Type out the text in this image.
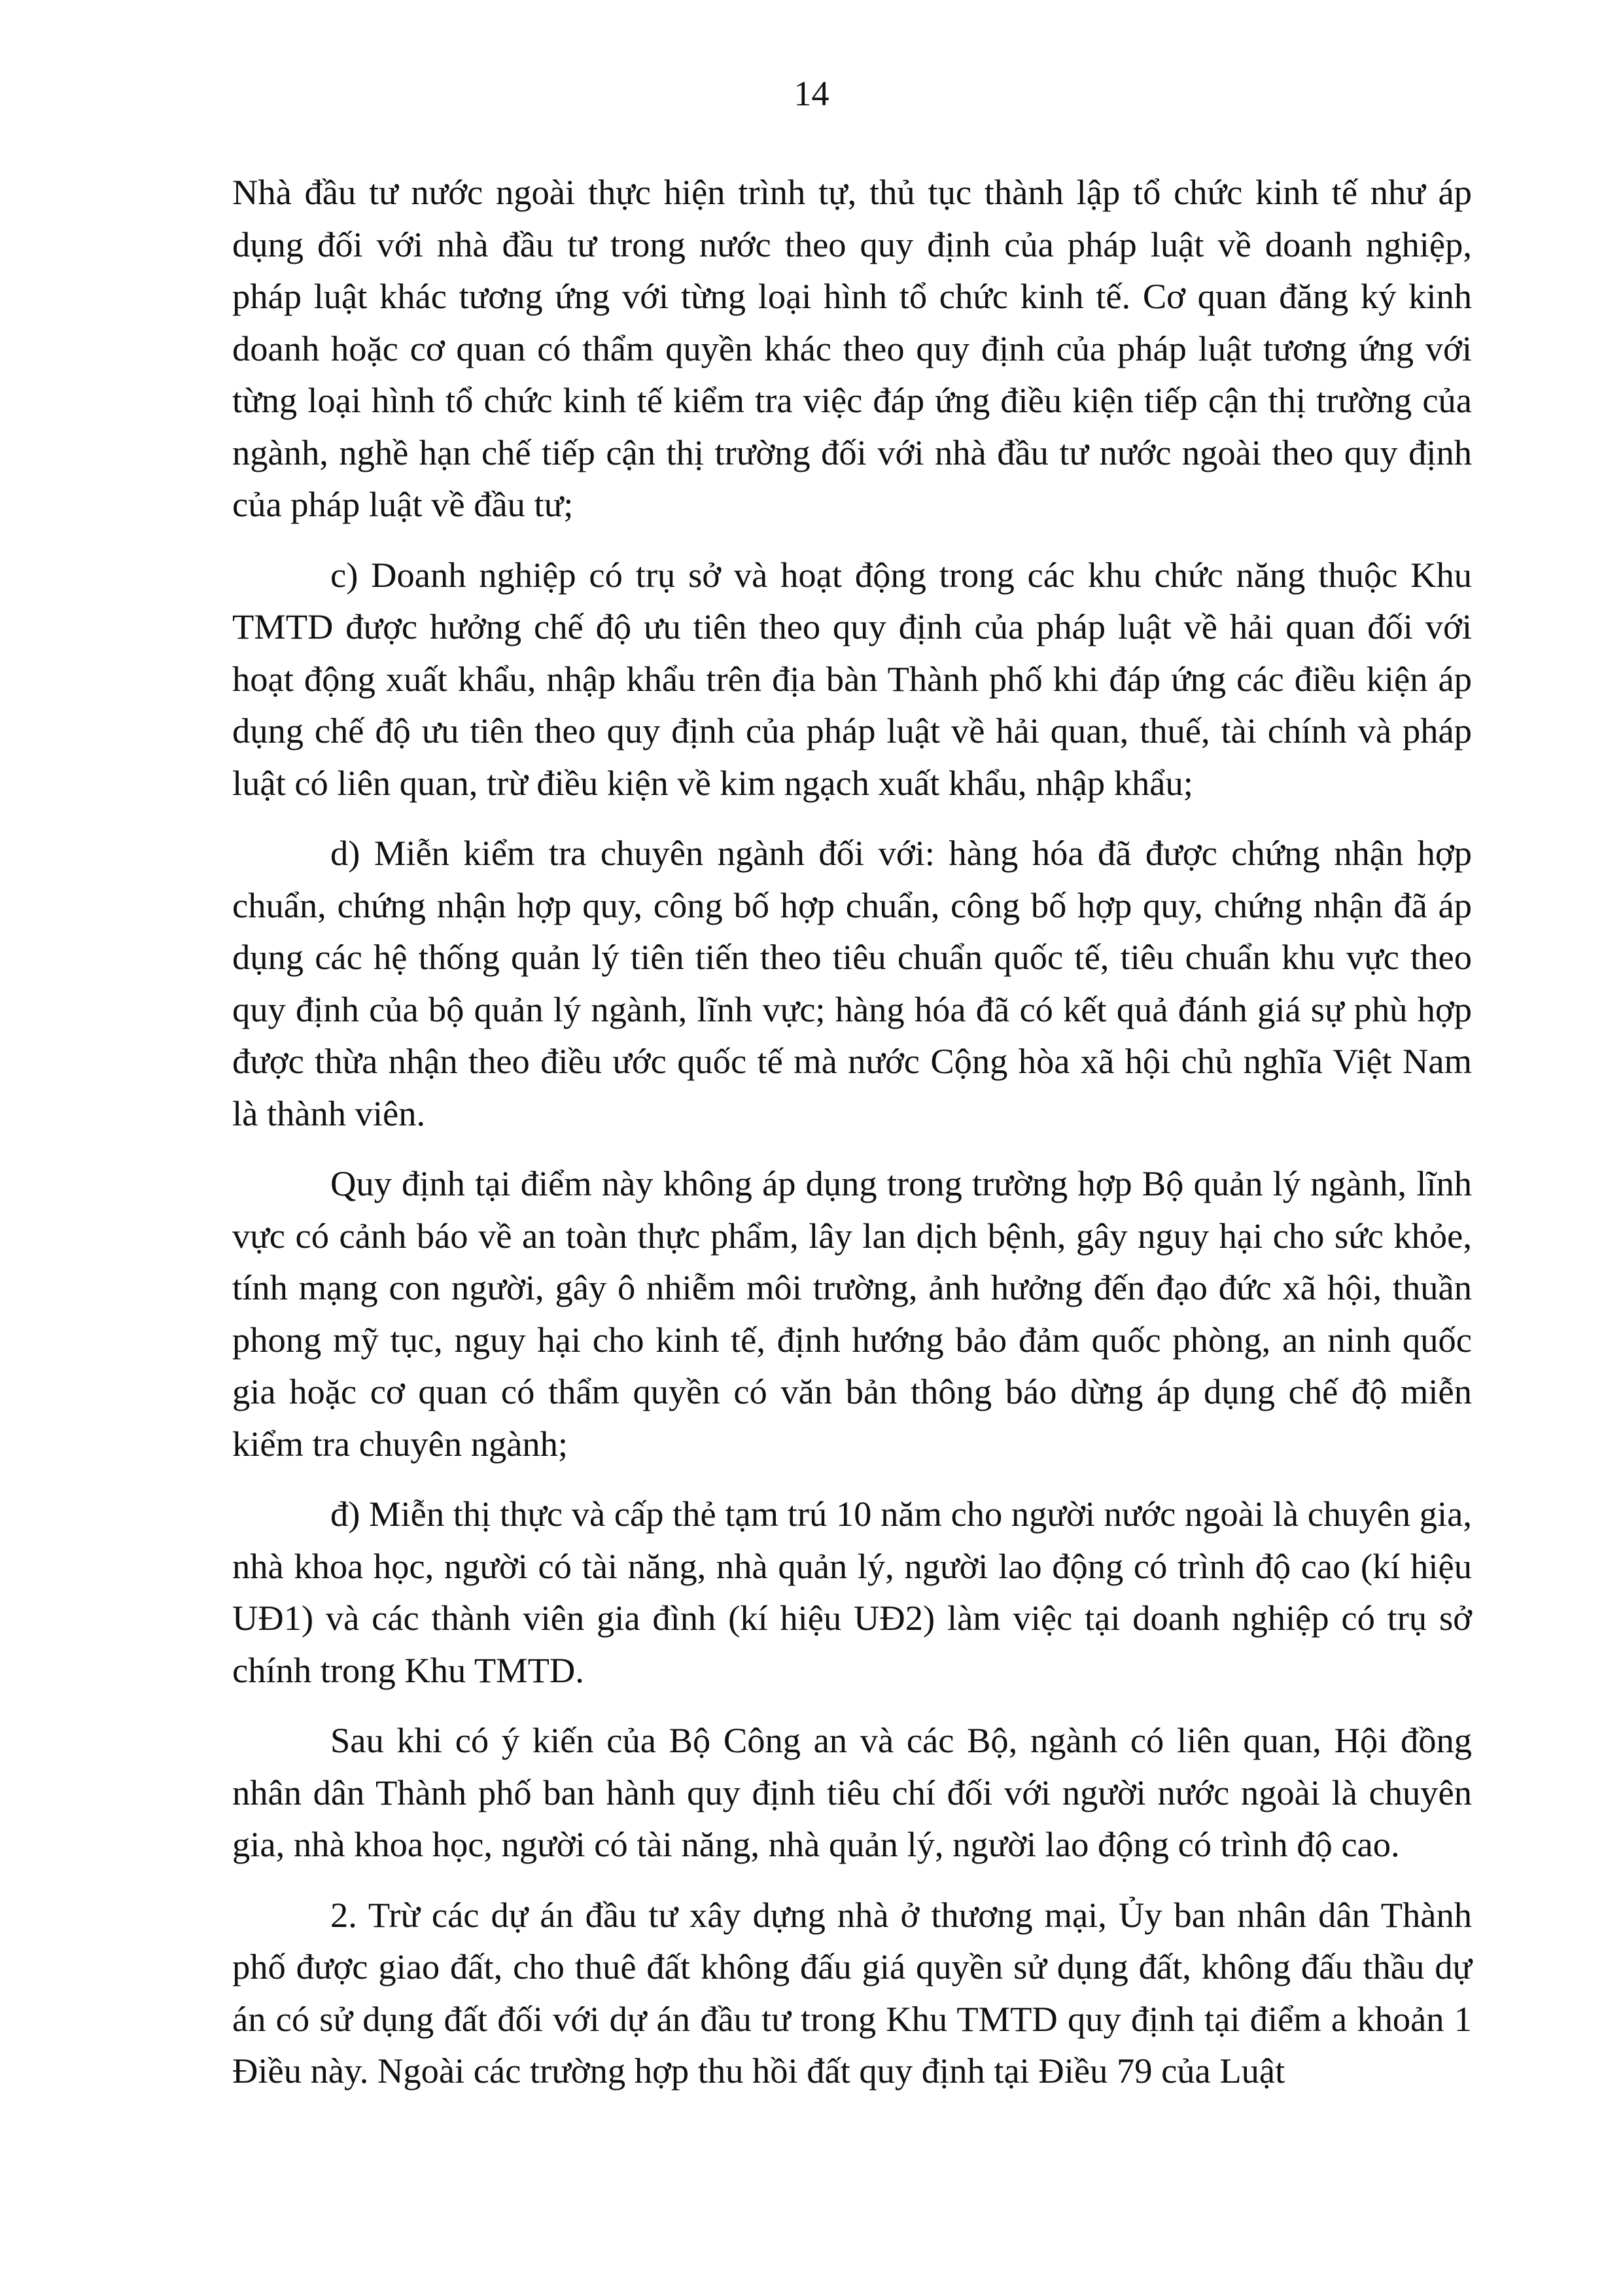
14

Nhà đầu tư nước ngoài thực hiện trình tự, thủ tục thành lập tổ chức kinh tế như áp dụng đối với nhà đầu tư trong nước theo quy định của pháp luật về doanh nghiệp, pháp luật khác tương ứng với từng loại hình tổ chức kinh tế. Cơ quan đăng ký kinh doanh hoặc cơ quan có thẩm quyền khác theo quy định của pháp luật tương ứng với từng loại hình tổ chức kinh tế kiểm tra việc đáp ứng điều kiện tiếp cận thị trường của ngành, nghề hạn chế tiếp cận thị trường đối với nhà đầu tư nước ngoài theo quy định của pháp luật về đầu tư;

c) Doanh nghiệp có trụ sở và hoạt động trong các khu chức năng thuộc Khu TMTD được hưởng chế độ ưu tiên theo quy định của pháp luật về hải quan đối với hoạt động xuất khẩu, nhập khẩu trên địa bàn Thành phố khi đáp ứng các điều kiện áp dụng chế độ ưu tiên theo quy định của pháp luật về hải quan, thuế, tài chính và pháp luật có liên quan, trừ điều kiện về kim ngạch xuất khẩu, nhập khẩu;

d) Miễn kiểm tra chuyên ngành đối với: hàng hóa đã được chứng nhận hợp chuẩn, chứng nhận hợp quy, công bố hợp chuẩn, công bố hợp quy, chứng nhận đã áp dụng các hệ thống quản lý tiên tiến theo tiêu chuẩn quốc tế, tiêu chuẩn khu vực theo quy định của bộ quản lý ngành, lĩnh vực; hàng hóa đã có kết quả đánh giá sự phù hợp được thừa nhận theo điều ước quốc tế mà nước Cộng hòa xã hội chủ nghĩa Việt Nam là thành viên.

Quy định tại điểm này không áp dụng trong trường hợp Bộ quản lý ngành, lĩnh vực có cảnh báo về an toàn thực phẩm, lây lan dịch bệnh, gây nguy hại cho sức khỏe, tính mạng con người, gây ô nhiễm môi trường, ảnh hưởng đến đạo đức xã hội, thuần phong mỹ tục, nguy hại cho kinh tế, định hướng bảo đảm quốc phòng, an ninh quốc gia hoặc cơ quan có thẩm quyền có văn bản thông báo dừng áp dụng chế độ miễn kiểm tra chuyên ngành;

đ) Miễn thị thực và cấp thẻ tạm trú 10 năm cho người nước ngoài là chuyên gia, nhà khoa học, người có tài năng, nhà quản lý, người lao động có trình độ cao (kí hiệu UĐ1) và các thành viên gia đình (kí hiệu UĐ2) làm việc tại doanh nghiệp có trụ sở chính trong Khu TMTD.

Sau khi có ý kiến của Bộ Công an và các Bộ, ngành có liên quan, Hội đồng nhân dân Thành phố ban hành quy định tiêu chí đối với người nước ngoài là chuyên gia, nhà khoa học, người có tài năng, nhà quản lý, người lao động có trình độ cao.

2. Trừ các dự án đầu tư xây dựng nhà ở thương mại, Ủy ban nhân dân Thành phố được giao đất, cho thuê đất không đấu giá quyền sử dụng đất, không đấu thầu dự án có sử dụng đất đối với dự án đầu tư trong Khu TMTD quy định tại điểm a khoản 1 Điều này. Ngoài các trường hợp thu hồi đất quy định tại Điều 79 của Luật
